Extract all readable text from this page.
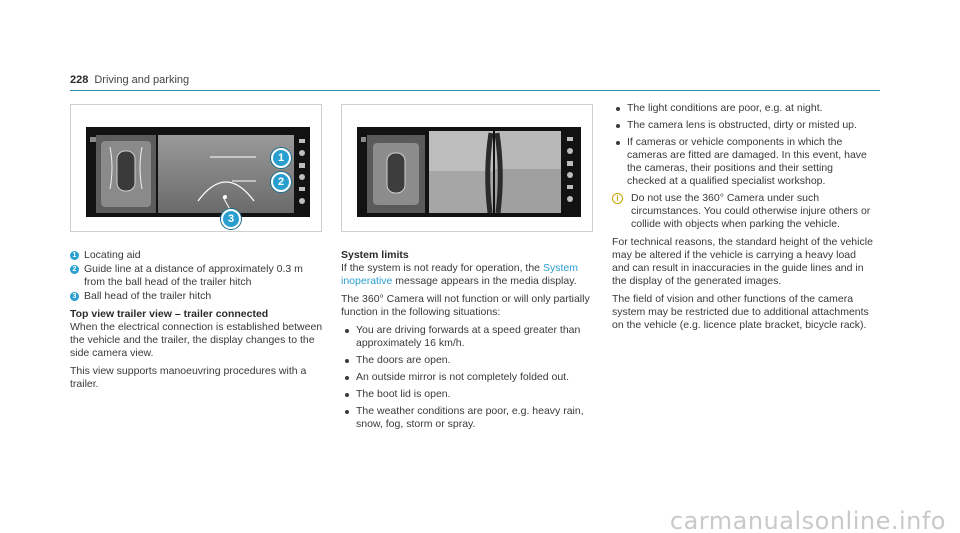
228 Driving and parking
1
2
3
1 Locating aid
2 Guide line at a distance of approximately 0.3 m from the ball head of the trailer hitch
3 Ball head of the trailer hitch
Top view trailer view – trailer connected

When the electrical connection is established between the vehicle and the trailer, the display changes to the side camera view.

This view supports manoeuvring procedures with a trailer.

System limits

If the system is not ready for operation, the System inoperative message appears in the media display.

The 360° Camera will not function or will only partially function in the following situations:

You are driving forwards at a speed greater than approximately 16 km/h.
The doors are open.
An outside mirror is not completely folded out.
The boot lid is open.
The weather conditions are poor, e.g. heavy rain, snow, fog, storm or spray.
The light conditions are poor, e.g. at night.
The camera lens is obstructed, dirty or misted up.
If cameras or vehicle components in which the cameras are fitted are damaged. In this event, have the cameras, their positions and their setting checked at a qualified specialist workshop.
i	Do not use the 360° Camera under such circumstances. You could otherwise injure others or collide with objects when parking the vehicle.

For technical reasons, the standard height of the vehicle may be altered if the vehicle is carrying a heavy load and can result in inaccuracies in the guide lines and in the display of the generated images.

The field of vision and other functions of the camera system may be restricted due to additional attachments on the vehicle (e.g. licence plate bracket, bicycle rack).

carmanualsonline.info
